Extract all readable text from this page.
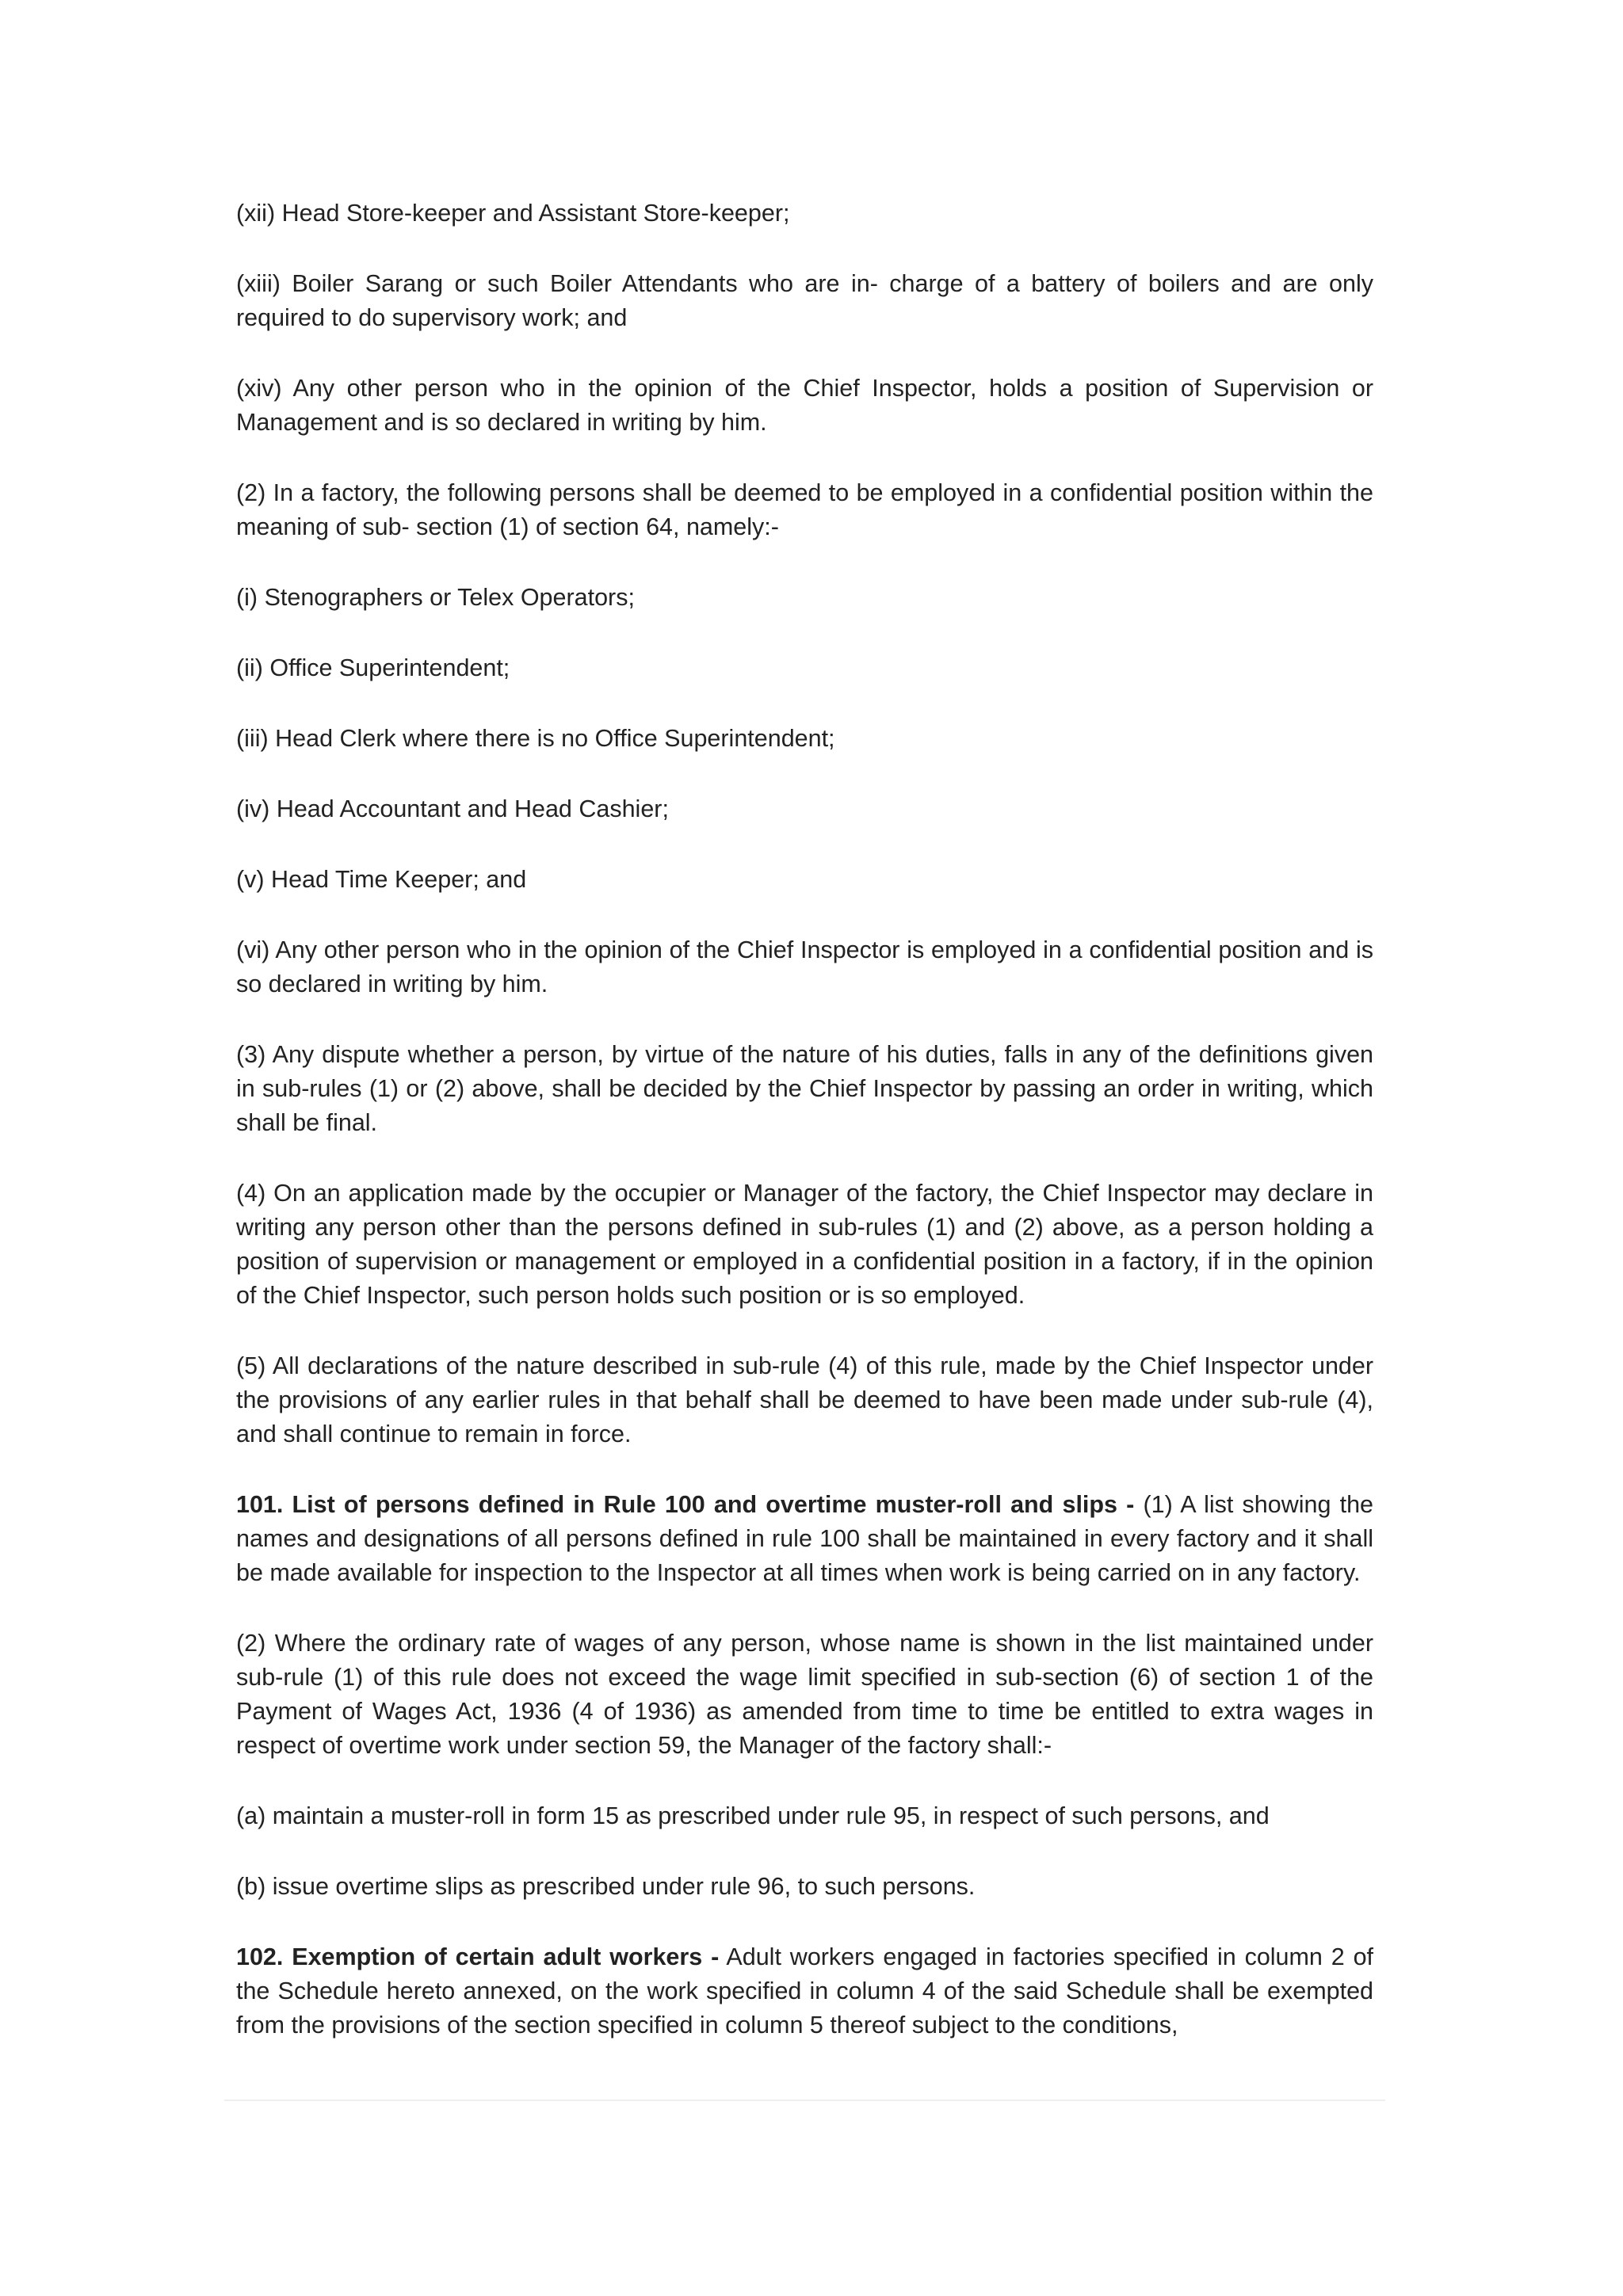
(xii) Head Store-keeper and Assistant Store-keeper;

(xiii) Boiler Sarang or such Boiler Attendants who are in- charge of a battery of boilers and are only required to do supervisory work; and

(xiv) Any other person who in the opinion of the Chief Inspector, holds a position of Supervision or Management and is so declared in writing by him.

(2) In a factory, the following persons shall be deemed to be employed in a confidential position within the meaning of sub- section (1) of section 64, namely:-

(i) Stenographers or Telex Operators;

(ii) Office Superintendent;

(iii) Head Clerk where there is no Office Superintendent;

(iv) Head Accountant and Head Cashier;

(v) Head Time Keeper; and

(vi) Any other person who in the opinion of the Chief Inspector is employed in a confidential position and is so declared in writing by him.

(3) Any dispute whether a person, by virtue of the nature of his duties, falls in any of the definitions given in sub-rules (1) or (2) above, shall be decided by the Chief Inspector by passing an order in writing, which shall be final.

(4) On an application made by the occupier or Manager of the factory, the Chief Inspector may declare in writing any person other than the persons defined in sub-rules (1) and (2) above, as a person holding a position of supervision or management or employed in a confidential position in a factory, if in the opinion of the Chief Inspector, such person holds such position or is so employed.

(5) All declarations of the nature described in sub-rule (4) of this rule, made by the Chief Inspector under the provisions of any earlier rules in that behalf shall be deemed to have been made under sub-rule (4), and shall continue to remain in force.

101. List of persons defined in Rule 100 and overtime muster-roll and slips - (1) A list showing the names and designations of all persons defined in rule 100 shall be maintained in every factory and it shall be made available for inspection to the Inspector at all times when work is being carried on in any factory.

(2) Where the ordinary rate of wages of any person, whose name is shown in the list maintained under sub-rule (1) of this rule does not exceed the wage limit specified in sub-section (6) of section 1 of the Payment of Wages Act, 1936 (4 of 1936) as amended from time to time be entitled to extra wages in respect of overtime work under section 59, the Manager of the factory shall:-

(a) maintain a muster-roll in form 15 as prescribed under rule 95, in respect of such persons, and

(b) issue overtime slips as prescribed under rule 96, to such persons.

102. Exemption of certain adult workers - Adult workers engaged in factories specified in column 2 of the Schedule hereto annexed, on the work specified in column 4 of the said Schedule shall be exempted from the provisions of the section specified in column 5 thereof subject to the conditions,
